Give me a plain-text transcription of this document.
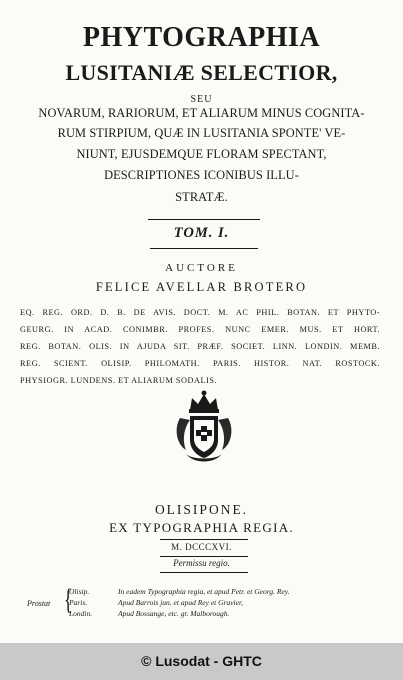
PHYTOGRAPHIA
LUSITANIÆ SELECTIOR,
SEU
NOVARUM, RARIORUM, ET ALIARUM MINUS COGNITA-
RUM STIRPIUM, QUÆ IN LUSITANIA SPONTE' VE-
NIUNT, EJUSDEMQUE FLORAM SPECTANT,
DESCRIPTIONES ICONIBUS ILLU-
STRATÆ.
TOM. I.
AUCTORE
FELICE AVELLAR BROTERO
EQ. REG. ORD. D. B. DE AVIS. DOCT. M. AC PHIL. BOTAN. ET PHYTO-
GEURG. IN ACAD. CONIMBR. PROFES. NUNC EMER. MUS. ET HORT.
REG. BOTAN. OLIS. IN AJUDA SIT. PRÆF. SOCIET. LINN. LONDIN. MEMB.
REG. SCIENT. OLISIP. PHILOMATH. PARIS. HISTOR. NAT. ROSTOCK.
PHYSIOGR. LUNDENS. ET ALIARUM SODALIS.
OLISIPONE.
EX TYPOGRAPHIA REGIA.
M. DCCCXVI.
Permissu regio.
Prostat {
Olisip.	In eadem Typographia regia, et apud Petr. et Georg. Rey.
Paris.	Apud Barrois jun. et apud Rey et Gravier,
Londin.	Apud Bossange, etc. gr. Malborough.
© Lusodat - GHTC
